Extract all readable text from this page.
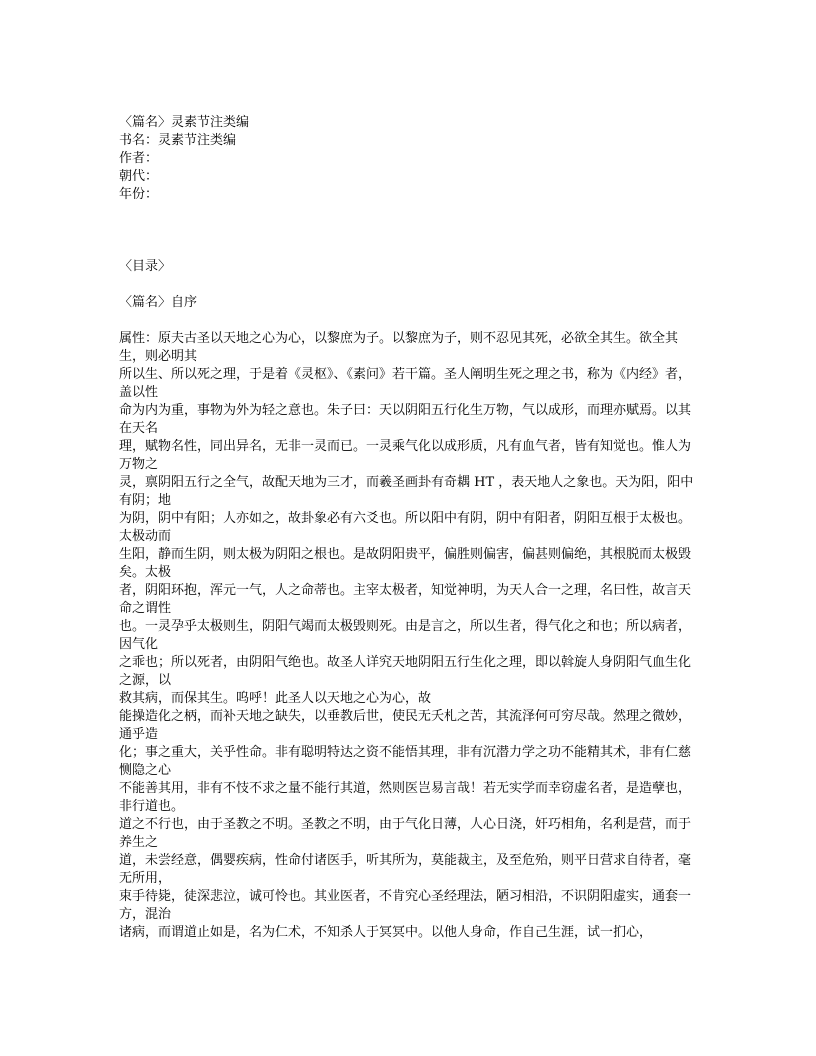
〈篇名〉灵素节注类编
书名：灵素节注类编
作者：
朝代：
年份：
〈目录〉
〈篇名〉自序
属性：原夫古圣以天地之心为心，以黎庶为子。以黎庶为子，则不忍见其死，必欲全其生。欲全其生，则必明其
所以生、所以死之理，于是着《灵枢》、《素问》若干篇。圣人阐明生死之理之书，称为《内经》者，盖以性
命为内为重，事物为外为轻之意也。朱子曰：天以阴阳五行化生万物，气以成形，而理亦赋焉。以其在天名
理，赋物名性，同出异名，无非一灵而已。一灵乘气化以成形质，凡有血气者，皆有知觉也。惟人为万物之
灵，禀阴阳五行之全气，故配天地为三才，而羲圣画卦有奇耦 HT ，表天地人之象也。天为阳，阳中有阴；地
为阴，阴中有阳；人亦如之，故卦象必有六爻也。所以阳中有阴，阴中有阳者，阴阳互根于太极也。太极动而
生阳，静而生阴，则太极为阴阳之根也。是故阴阳贵平，偏胜则偏害，偏甚则偏绝，其根脱而太极毁矣。太极
者，阴阳环抱，浑元一气，人之命蒂也。主宰太极者，知觉神明，为天人合一之理，名曰性，故言天命之谓性
也。一灵孕乎太极则生，阴阳气竭而太极毁则死。由是言之，所以生者，得气化之和也；所以病者，因气化
之乖也；所以死者，由阴阳气绝也。故圣人详究天地阴阳五行生化之理，即以斡旋人身阴阳气血生化之源，以
救其病，而保其生。呜呼！此圣人以天地之心为心，故
能操造化之柄，而补天地之缺失，以垂教后世，使民无夭札之苦，其流泽何可穷尽哉。然理之微妙，通乎造
化；事之重大，关乎性命。非有聪明特达之资不能悟其理，非有沉潜力学之功不能精其术，非有仁慈恻隐之心
不能善其用，非有不忮不求之量不能行其道，然则医岂易言哉！若无实学而幸窃虚名者，是造孽也，非行道也。
道之不行也，由于圣教之不明。圣教之不明，由于气化日薄，人心日浇，奸巧相角，名利是营，而于养生之
道，未尝经意，偶婴疾病，性命付诸医手，听其所为，莫能裁主，及至危殆，则平日营求自待者，毫无所用，
束手待毙，徒深悲泣，诚可怜也。其业医者，不肯究心圣经理法，陋习相沿，不识阴阳虚实，通套一方，混治
诸病，而谓道止如是，名为仁术，不知杀人于冥冥中。以他人身命，作自己生涯，试一扪心，
